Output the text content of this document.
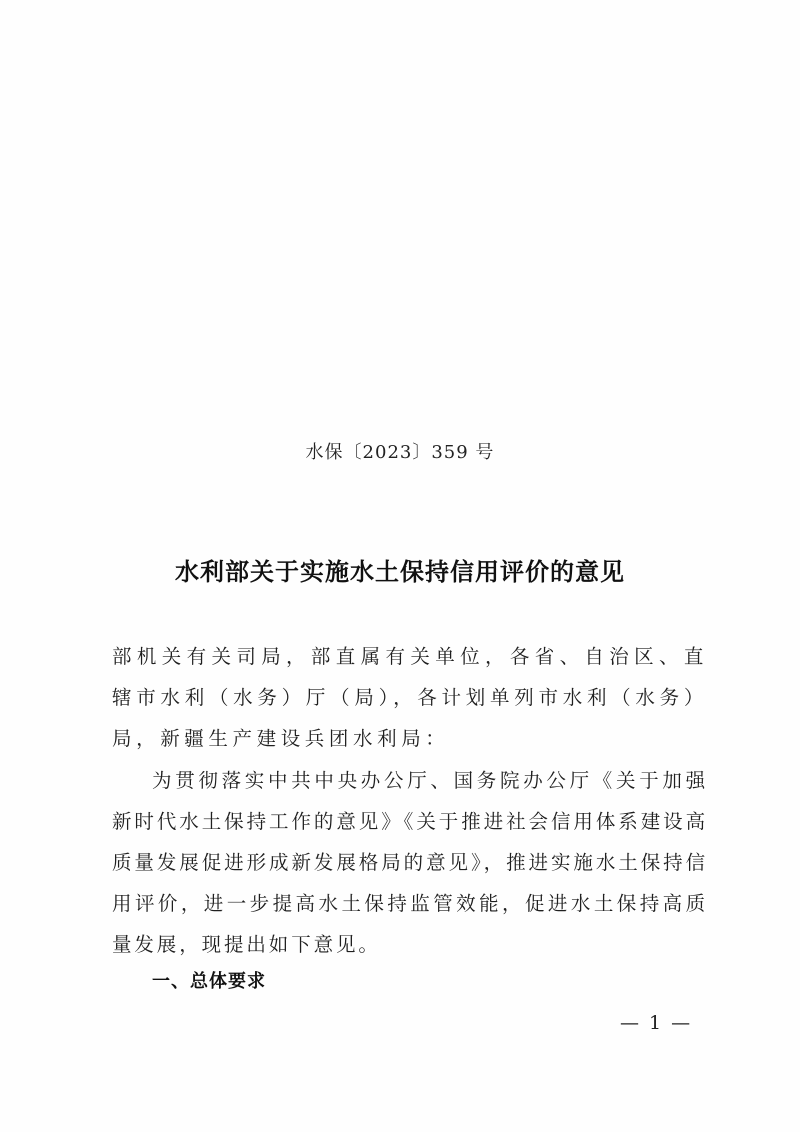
水保〔2023〕359 号
水利部关于实施水土保持信用评价的意见
部机关有关司局，部直属有关单位，各省、自治区、直辖市水利（水务）厅（局），各计划单列市水利（水务）局，新疆生产建设兵团水利局：
为贯彻落实中共中央办公厅、国务院办公厅《关于加强新时代水土保持工作的意见》《关于推进社会信用体系建设高质量发展促进形成新发展格局的意见》，推进实施水土保持信用评价，进一步提高水土保持监管效能，促进水土保持高质量发展，现提出如下意见。
一、总体要求
— 1 —
